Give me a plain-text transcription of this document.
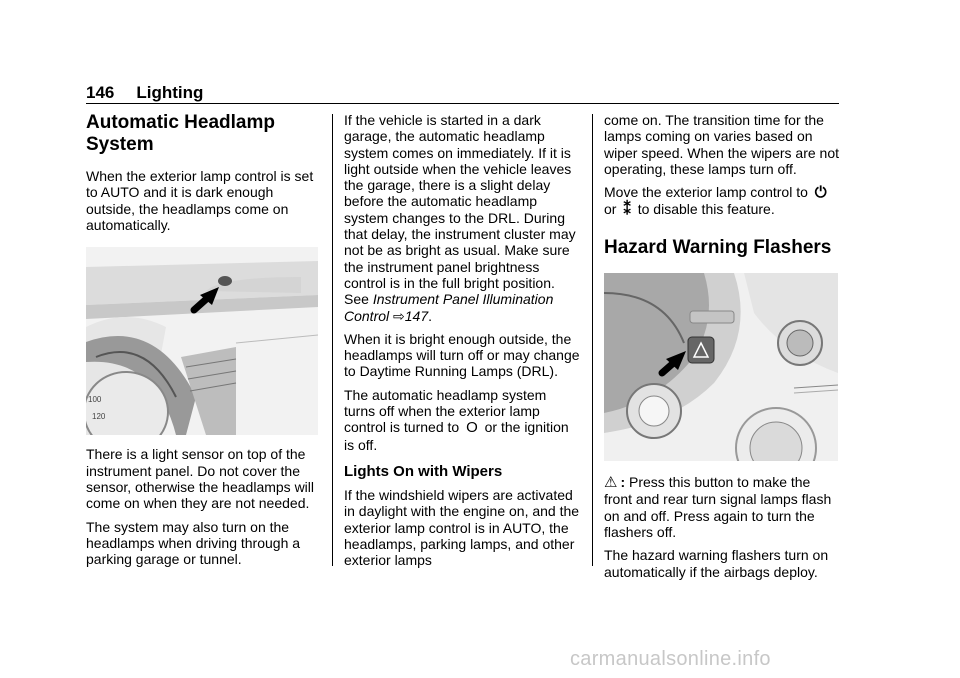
146 Lighting
Automatic Headlamp System

When the exterior lamp control is set to AUTO and it is dark enough outside, the headlamps come on automatically.

100
120

There is a light sensor on top of the instrument panel. Do not cover the sensor, otherwise the headlamps will come on when they are not needed.

The system may also turn on the headlamps when driving through a parking garage or tunnel.

If the vehicle is started in a dark garage, the automatic headlamp system comes on immediately. If it is light outside when the vehicle leaves the garage, there is a slight delay before the automatic headlamp system changes to the DRL. During that delay, the instrument cluster may not be as bright as usual. Make sure the instrument panel brightness control is in the full bright position. See Instrument Panel Illumination Control ⇨147.

When it is bright enough outside, the headlamps will turn off or may change to Daytime Running Lamps (DRL).

The automatic headlamp system turns off when the exterior lamp control is turned to O or the ignition is off.

Lights On with Wipers

If the windshield wipers are activated in daylight with the engine on, and the exterior lamp control is in AUTO, the headlamps, parking lamps, and other exterior lamps

come on. The transition time for the lamps coming on varies based on wiper speed. When the wipers are not operating, these lamps turn off.

Move the exterior lamp control to ⏻
or ⁑ to disable this feature.

Hazard Warning Flashers

⚠ : Press this button to make the front and rear turn signal lamps flash on and off. Press again to turn the flashers off.

The hazard warning flashers turn on automatically if the airbags deploy.

carmanualsonline.info
